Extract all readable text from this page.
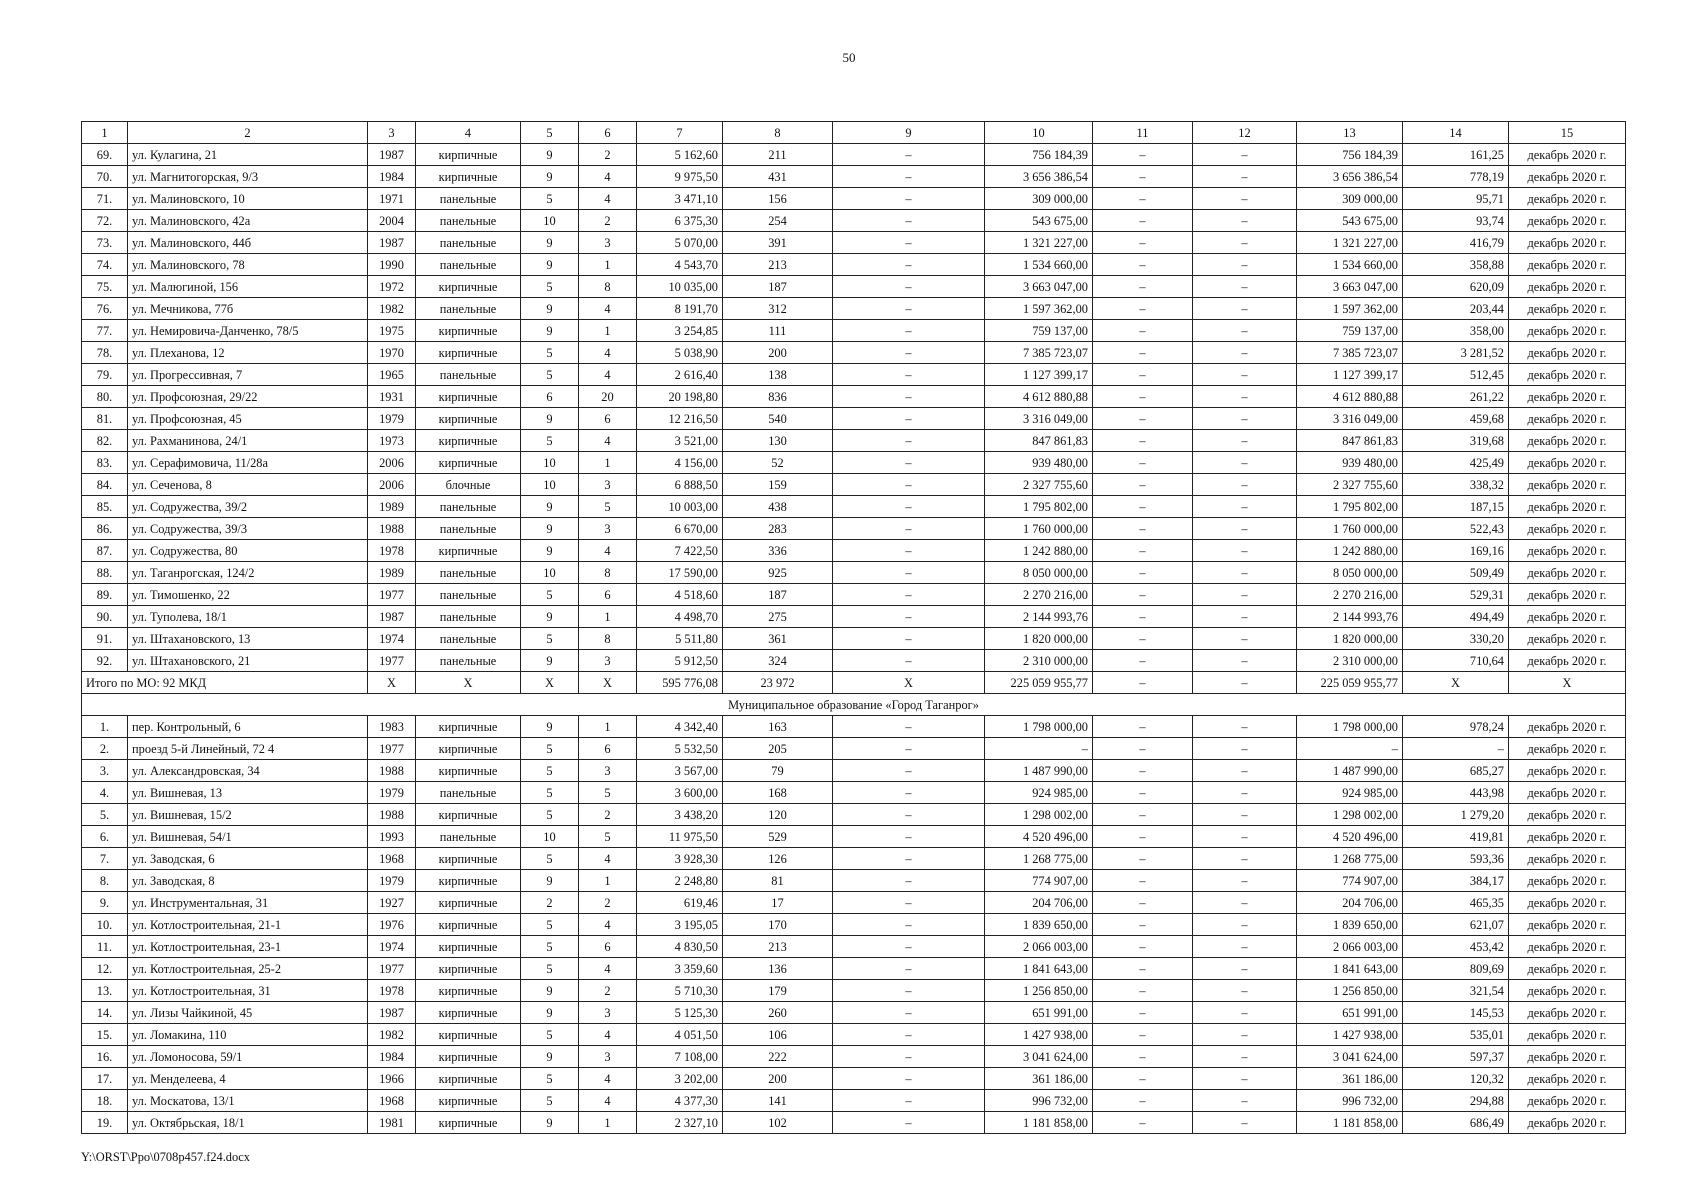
50
1	2	3	4	5	6	7	8	9	10	11	12	13	14	15
69.	ул. Кулагина, 21	1987	кирпичные	9	2	5 162,60	211	–	756 184,39	–	–	756 184,39	161,25	декабрь 2020 г.
70.	ул. Магнитогорская, 9/3	1984	кирпичные	9	4	9 975,50	431	–	3 656 386,54	–	–	3 656 386,54	778,19	декабрь 2020 г.
71.	ул. Малиновского, 10	1971	панельные	5	4	3 471,10	156	–	309 000,00	–	–	309 000,00	95,71	декабрь 2020 г.
72.	ул. Малиновского, 42а	2004	панельные	10	2	6 375,30	254	–	543 675,00	–	–	543 675,00	93,74	декабрь 2020 г.
73.	ул. Малиновского, 44б	1987	панельные	9	3	5 070,00	391	–	1 321 227,00	–	–	1 321 227,00	416,79	декабрь 2020 г.
74.	ул. Малиновского, 78	1990	панельные	9	1	4 543,70	213	–	1 534 660,00	–	–	1 534 660,00	358,88	декабрь 2020 г.
75.	ул. Малюгиной, 156	1972	кирпичные	5	8	10 035,00	187	–	3 663 047,00	–	–	3 663 047,00	620,09	декабрь 2020 г.
76.	ул. Мечникова, 77б	1982	панельные	9	4	8 191,70	312	–	1 597 362,00	–	–	1 597 362,00	203,44	декабрь 2020 г.
77.	ул. Немировича-Данченко, 78/5	1975	кирпичные	9	1	3 254,85	111	–	759 137,00	–	–	759 137,00	358,00	декабрь 2020 г.
78.	ул. Плеханова, 12	1970	кирпичные	5	4	5 038,90	200	–	7 385 723,07	–	–	7 385 723,07	3 281,52	декабрь 2020 г.
79.	ул. Прогрессивная, 7	1965	панельные	5	4	2 616,40	138	–	1 127 399,17	–	–	1 127 399,17	512,45	декабрь 2020 г.
80.	ул. Профсоюзная, 29/22	1931	кирпичные	6	20	20 198,80	836	–	4 612 880,88	–	–	4 612 880,88	261,22	декабрь 2020 г.
81.	ул. Профсоюзная, 45	1979	кирпичные	9	6	12 216,50	540	–	3 316 049,00	–	–	3 316 049,00	459,68	декабрь 2020 г.
82.	ул. Рахманинова, 24/1	1973	кирпичные	5	4	3 521,00	130	–	847 861,83	–	–	847 861,83	319,68	декабрь 2020 г.
83.	ул. Серафимовича, 11/28а	2006	кирпичные	10	1	4 156,00	52	–	939 480,00	–	–	939 480,00	425,49	декабрь 2020 г.
84.	ул. Сеченова, 8	2006	блочные	10	3	6 888,50	159	–	2 327 755,60	–	–	2 327 755,60	338,32	декабрь 2020 г.
85.	ул. Содружества, 39/2	1989	панельные	9	5	10 003,00	438	–	1 795 802,00	–	–	1 795 802,00	187,15	декабрь 2020 г.
86.	ул. Содружества, 39/3	1988	панельные	9	3	6 670,00	283	–	1 760 000,00	–	–	1 760 000,00	522,43	декабрь 2020 г.
87.	ул. Содружества, 80	1978	кирпичные	9	4	7 422,50	336	–	1 242 880,00	–	–	1 242 880,00	169,16	декабрь 2020 г.
88.	ул. Таганрогская, 124/2	1989	панельные	10	8	17 590,00	925	–	8 050 000,00	–	–	8 050 000,00	509,49	декабрь 2020 г.
89.	ул. Тимошенко, 22	1977	панельные	5	6	4 518,60	187	–	2 270 216,00	–	–	2 270 216,00	529,31	декабрь 2020 г.
90.	ул. Туполева, 18/1	1987	панельные	9	1	4 498,70	275	–	2 144 993,76	–	–	2 144 993,76	494,49	декабрь 2020 г.
91.	ул. Штахановского, 13	1974	панельные	5	8	5 511,80	361	–	1 820 000,00	–	–	1 820 000,00	330,20	декабрь 2020 г.
92.	ул. Штахановского, 21	1977	панельные	9	3	5 912,50	324	–	2 310 000,00	–	–	2 310 000,00	710,64	декабрь 2020 г.
Итого по МО: 92 МКД		X	X	X	X	595 776,08	23 972	X	225 059 955,77	–	–	225 059 955,77	X	X
Муниципальное образование «Город Таганрог»														
1.	пер. Контрольный, 6	1983	кирпичные	9	1	4 342,40	163	–	1 798 000,00	–	–	1 798 000,00	978,24	декабрь 2020 г.
2.	проезд 5-й Линейный, 72 4	1977	кирпичные	5	6	5 532,50	205	–	–	–	–	–	–	декабрь 2020 г.
3.	ул. Александровская, 34	1988	кирпичные	5	3	3 567,00	79	–	1 487 990,00	–	–	1 487 990,00	685,27	декабрь 2020 г.
4.	ул. Вишневая, 13	1979	панельные	5	5	3 600,00	168	–	924 985,00	–	–	924 985,00	443,98	декабрь 2020 г.
5.	ул. Вишневая, 15/2	1988	кирпичные	5	2	3 438,20	120	–	1 298 002,00	–	–	1 298 002,00	1 279,20	декабрь 2020 г.
6.	ул. Вишневая, 54/1	1993	панельные	10	5	11 975,50	529	–	4 520 496,00	–	–	4 520 496,00	419,81	декабрь 2020 г.
7.	ул. Заводская, 6	1968	кирпичные	5	4	3 928,30	126	–	1 268 775,00	–	–	1 268 775,00	593,36	декабрь 2020 г.
8.	ул. Заводская, 8	1979	кирпичные	9	1	2 248,80	81	–	774 907,00	–	–	774 907,00	384,17	декабрь 2020 г.
9.	ул. Инструментальная, 31	1927	кирпичные	2	2	619,46	17	–	204 706,00	–	–	204 706,00	465,35	декабрь 2020 г.
10.	ул. Котлостроительная, 21-1	1976	кирпичные	5	4	3 195,05	170	–	1 839 650,00	–	–	1 839 650,00	621,07	декабрь 2020 г.
11.	ул. Котлостроительная, 23-1	1974	кирпичные	5	6	4 830,50	213	–	2 066 003,00	–	–	2 066 003,00	453,42	декабрь 2020 г.
12.	ул. Котлостроительная, 25-2	1977	кирпичные	5	4	3 359,60	136	–	1 841 643,00	–	–	1 841 643,00	809,69	декабрь 2020 г.
13.	ул. Котлостроительная, 31	1978	кирпичные	9	2	5 710,30	179	–	1 256 850,00	–	–	1 256 850,00	321,54	декабрь 2020 г.
14.	ул. Лизы Чайкиной, 45	1987	кирпичные	9	3	5 125,30	260	–	651 991,00	–	–	651 991,00	145,53	декабрь 2020 г.
15.	ул. Ломакина, 110	1982	кирпичные	5	4	4 051,50	106	–	1 427 938,00	–	–	1 427 938,00	535,01	декабрь 2020 г.
16.	ул. Ломоносова, 59/1	1984	кирпичные	9	3	7 108,00	222	–	3 041 624,00	–	–	3 041 624,00	597,37	декабрь 2020 г.
17.	ул. Менделеева, 4	1966	кирпичные	5	4	3 202,00	200	–	361 186,00	–	–	361 186,00	120,32	декабрь 2020 г.
18.	ул. Москатова, 13/1	1968	кирпичные	5	4	4 377,30	141	–	996 732,00	–	–	996 732,00	294,88	декабрь 2020 г.
19.	ул. Октябрьская, 18/1	1981	кирпичные	9	1	2 327,10	102	–	1 181 858,00	–	–	1 181 858,00	686,49	декабрь 2020 г.
Y:\ORST\Ppo\0708p457.f24.docx
